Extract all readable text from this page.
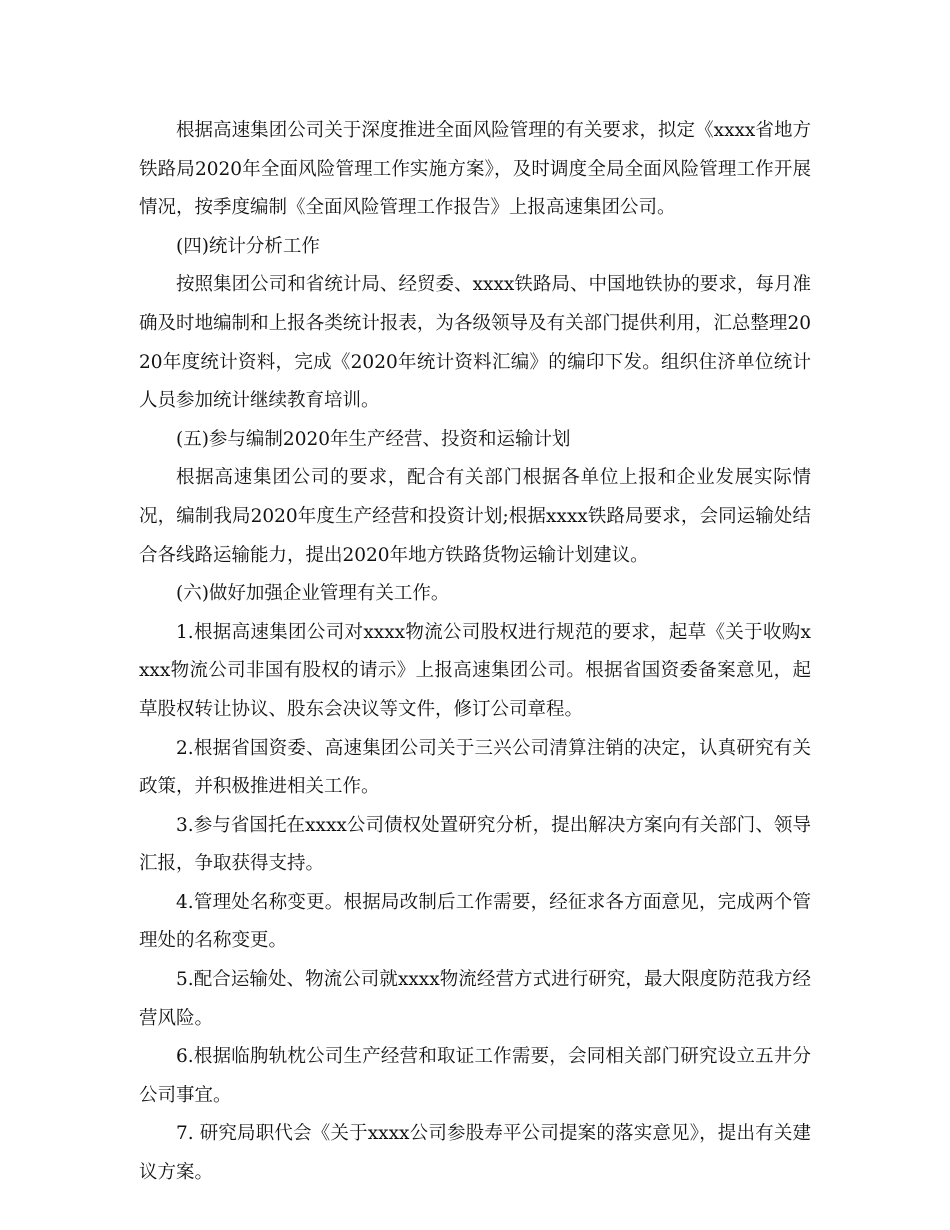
根据高速集团公司关于深度推进全面风险管理的有关要求，拟定《xxxx省地方铁路局2020年全面风险管理工作实施方案》，及时调度全局全面风险管理工作开展情况，按季度编制《全面风险管理工作报告》上报高速集团公司。

(四)统计分析工作

按照集团公司和省统计局、经贸委、xxxx铁路局、中国地铁协的要求，每月准确及时地编制和上报各类统计报表，为各级领导及有关部门提供利用，汇总整理2020年度统计资料，完成《2020年统计资料汇编》的编印下发。组织住济单位统计人员参加统计继续教育培训。

(五)参与编制2020年生产经营、投资和运输计划

根据高速集团公司的要求，配合有关部门根据各单位上报和企业发展实际情况，编制我局2020年度生产经营和投资计划;根据xxxx铁路局要求，会同运输处结合各线路运输能力，提出2020年地方铁路货物运输计划建议。

(六)做好加强企业管理有关工作。

1.根据高速集团公司对xxxx物流公司股权进行规范的要求，起草《关于收购xxxx物流公司非国有股权的请示》上报高速集团公司。根据省国资委备案意见，起草股权转让协议、股东会决议等文件，修订公司章程。

2.根据省国资委、高速集团公司关于三兴公司清算注销的决定，认真研究有关政策，并积极推进相关工作。

3.参与省国托在xxxx公司债权处置研究分析，提出解决方案向有关部门、领导汇报，争取获得支持。

4.管理处名称变更。根据局改制后工作需要，经征求各方面意见，完成两个管理处的名称变更。

5.配合运输处、物流公司就xxxx物流经营方式进行研究，最大限度防范我方经营风险。

6.根据临朐轨枕公司生产经营和取证工作需要，会同相关部门研究设立五井分公司事宜。

7. 研究局职代会《关于xxxx公司参股寿平公司提案的落实意见》，提出有关建议方案。
